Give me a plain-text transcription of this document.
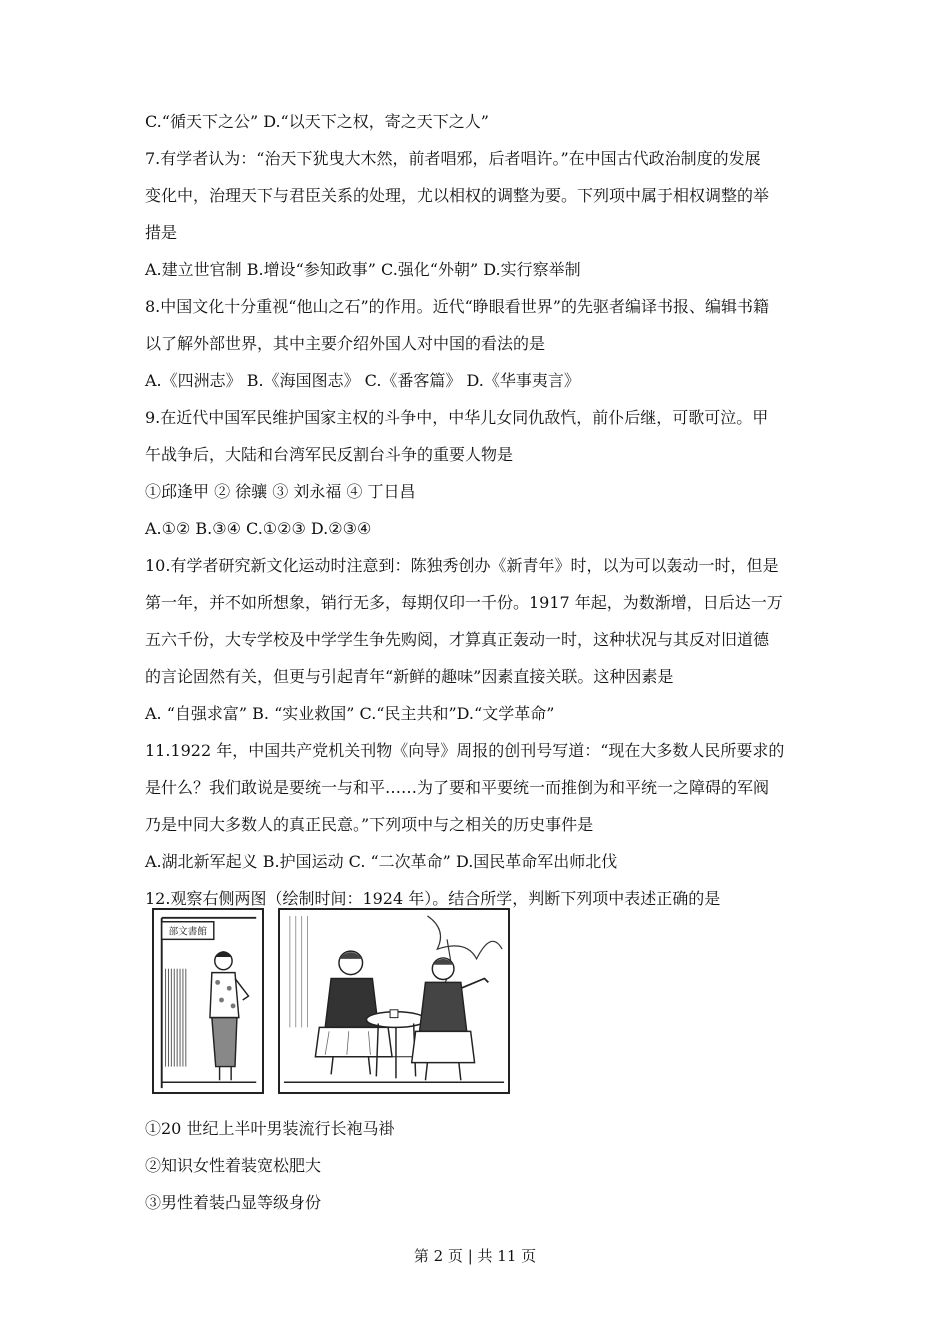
C.“循天下之公” D.“以天下之权，寄之天下之人”

7.有学者认为：“治天下犹曳大木然，前者唱邪，后者唱许。”在中国古代政治制度的发展

变化中，治理天下与君臣关系的处理，尤以相权的调整为要。下列项中属于相权调整的举

措是

A.建立世官制 B.增设“参知政事” C.强化“外朝” D.实行察举制

8.中国文化十分重视“他山之石”的作用。近代“睁眼看世界”的先驱者编译书报、编辑书籍

以了解外部世界，其中主要介绍外国人对中国的看法的是

A.《四洲志》 B.《海国图志》 C.《番客篇》 D.《华事夷言》

9.在近代中国军民维护国家主权的斗争中，中华儿女同仇敌忾，前仆后继，可歌可泣。甲

午战争后，大陆和台湾军民反割台斗争的重要人物是

①邱逢甲 ② 徐骧 ③ 刘永福 ④ 丁日昌

A.①② B.③④ C.①②③ D.②③④

10.有学者研究新文化运动时注意到：陈独秀创办《新青年》时，以为可以轰动一时，但是

第一年，并不如所想象，销行无多，每期仅印一千份。1917 年起，为数渐增，日后达一万

五六千份，大专学校及中学学生争先购阅，才算真正轰动一时，这种状况与其反对旧道德

的言论固然有关，但更与引起青年“新鲜的趣味”因素直接关联。这种因素是

A. “自强求富” B. “实业救国” C.“民主共和”D.“文学革命”

11.1922 年，中国共产党机关刊物《向导》周报的创刊号写道：“现在大多数人民所要求的

是什么？我们敢说是要统一与和平……为了要和平要统一而推倒为和平统一之障碍的军阀

乃是中同大多数人的真正民意。”下列项中与之相关的历史事件是

A.湖北新军起义 B.护国运动 C. “二次革命” D.国民革命军出师北伐

12.观察右侧两图（绘制时间：1924 年）。结合所学，判断下列项中表述正确的是

部文書館

①20 世纪上半叶男装流行长袍马褂

②知识女性着装宽松肥大

③男性着装凸显等级身份

第 2 页 | 共 11 页
